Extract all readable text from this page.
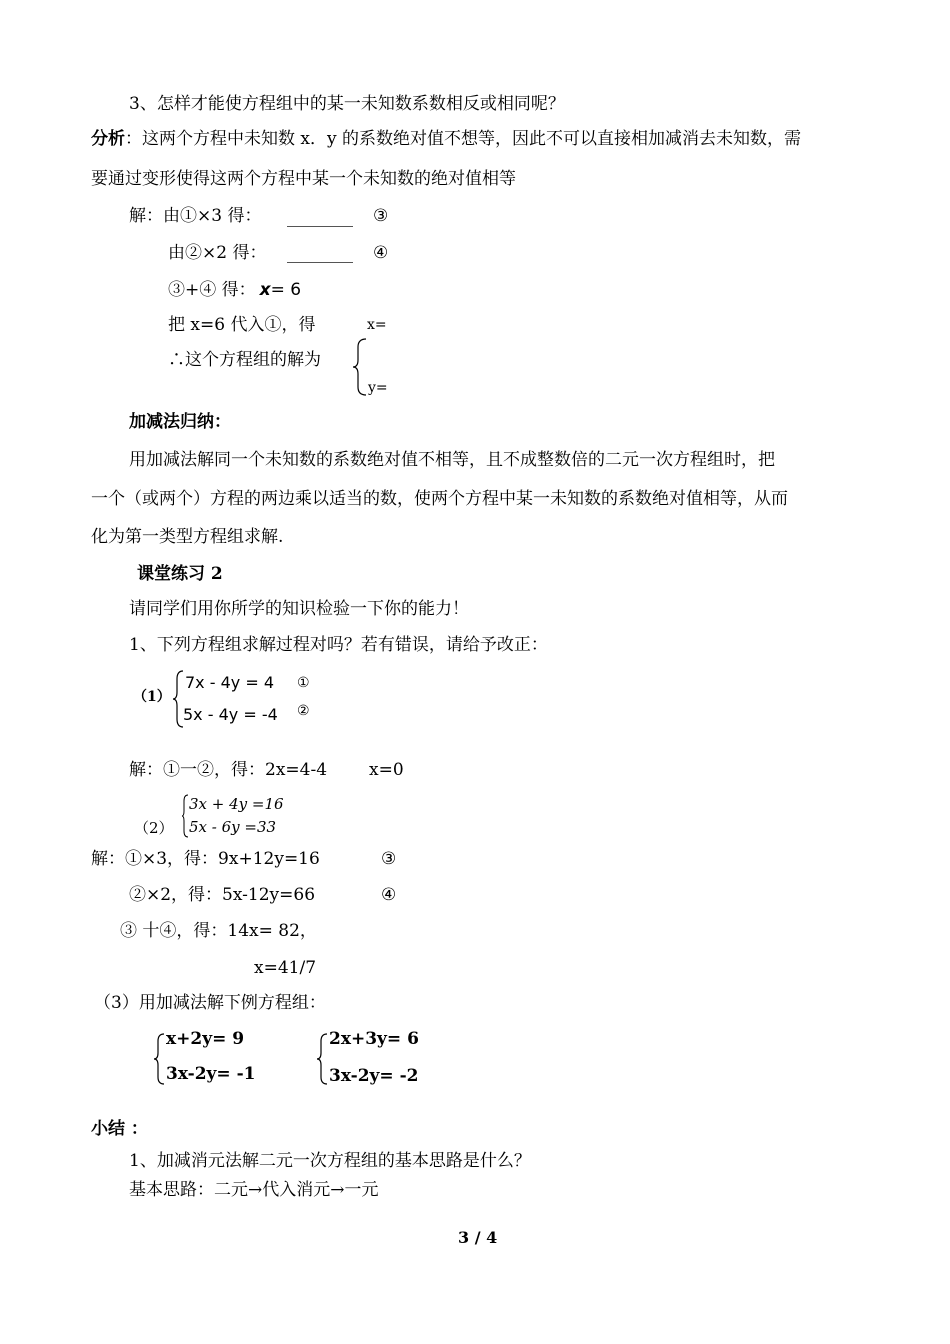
3、怎样才能使方程组中的某一未知数系数相反或相同呢？
分析：这两个方程中未知数 x．y 的系数绝对值不想等，因此不可以直接相加减消去未知数，需
要通过变形使得这两个方程中某一个未知数的绝对值相等
解：由①×3 得：	③
由②×2 得：	④
③+④ 得： x= 6
把 x=6 代入①，得	x=
∴这个方程组的解为
y=
加减法归纳：
用加减法解同一个未知数的系数绝对值不相等，且不成整数倍的二元一次方程组时，把
一个（或两个）方程的两边乘以适当的数，使两个方程中某一未知数的系数绝对值相等，从而
化为第一类型方程组求解.
课堂练习 2
请同学们用你所学的知识检验一下你的能力！
1、下列方程组求解过程对吗？若有错误，请给予改正：
（1）
7x - 4y = 4 ①
5x - 4y = -4 ②
解：①一②，得：2x=4-4 x=0
3x + 4y =16
（2） 5x - 6y =33
解：①×3，得：9x+12y=16	③
②×2，得：5x-12y=66	④
③ 十④，得：14x= 82，
x=41/7
（3）用加减法解下例方程组：
x+2y= 9
3x-2y= -1
2x+3y= 6
3x-2y= -2
小结 ：
1、加减消元法解二元一次方程组的基本思路是什么？
基本思路：二元→代入消元→一元
3 / 4
